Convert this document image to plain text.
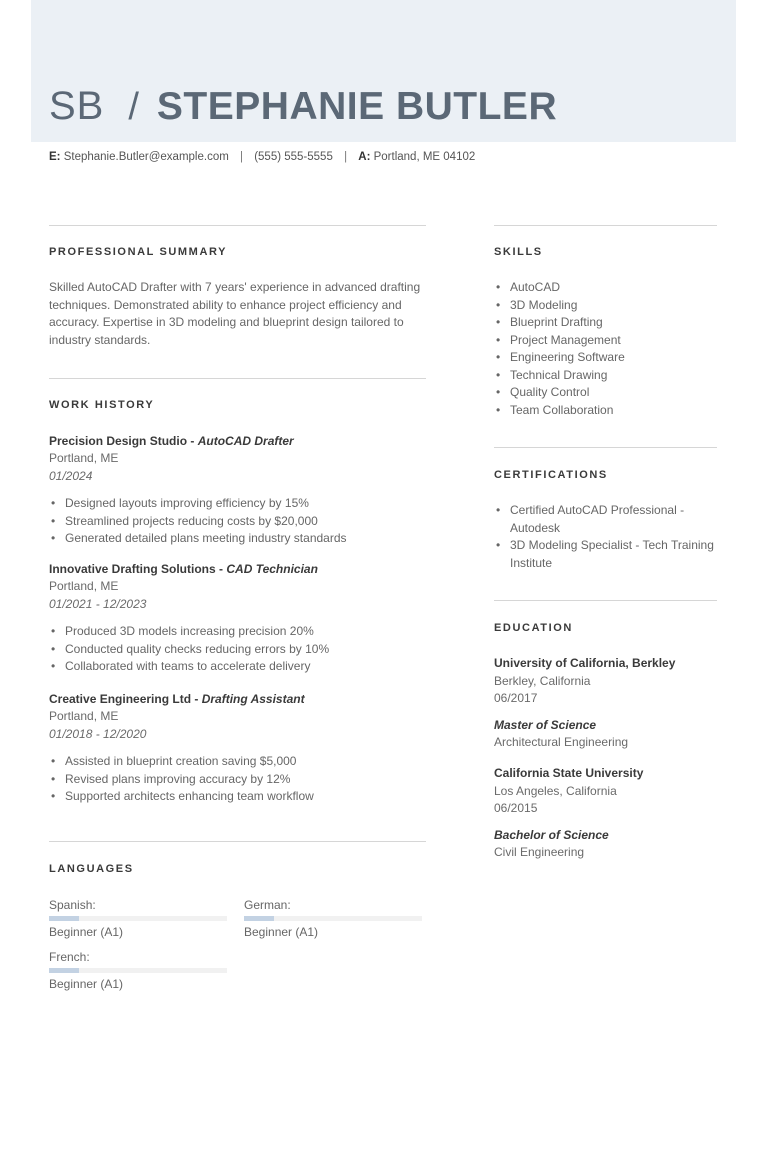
SB / STEPHANIE BUTLER
E: Stephanie.Butler@example.com | (555) 555-5555 | A: Portland, ME 04102
PROFESSIONAL SUMMARY
Skilled AutoCAD Drafter with 7 years' experience in advanced drafting techniques. Demonstrated ability to enhance project efficiency and accuracy. Expertise in 3D modeling and blueprint design tailored to industry standards.
WORK HISTORY
Precision Design Studio - AutoCAD Drafter
Portland, ME
01/2024
• Designed layouts improving efficiency by 15%
• Streamlined projects reducing costs by $20,000
• Generated detailed plans meeting industry standards
Innovative Drafting Solutions - CAD Technician
Portland, ME
01/2021 - 12/2023
• Produced 3D models increasing precision 20%
• Conducted quality checks reducing errors by 10%
• Collaborated with teams to accelerate delivery
Creative Engineering Ltd - Drafting Assistant
Portland, ME
01/2018 - 12/2020
• Assisted in blueprint creation saving $5,000
• Revised plans improving accuracy by 12%
• Supported architects enhancing team workflow
LANGUAGES
Spanish:
Beginner (A1)
German:
Beginner (A1)
French:
Beginner (A1)
SKILLS
• AutoCAD
• 3D Modeling
• Blueprint Drafting
• Project Management
• Engineering Software
• Technical Drawing
• Quality Control
• Team Collaboration
CERTIFICATIONS
• Certified AutoCAD Professional - Autodesk
• 3D Modeling Specialist - Tech Training Institute
EDUCATION
University of California, Berkley
Berkley, California
06/2017
Master of Science
Architectural Engineering
California State University
Los Angeles, California
06/2015
Bachelor of Science
Civil Engineering
